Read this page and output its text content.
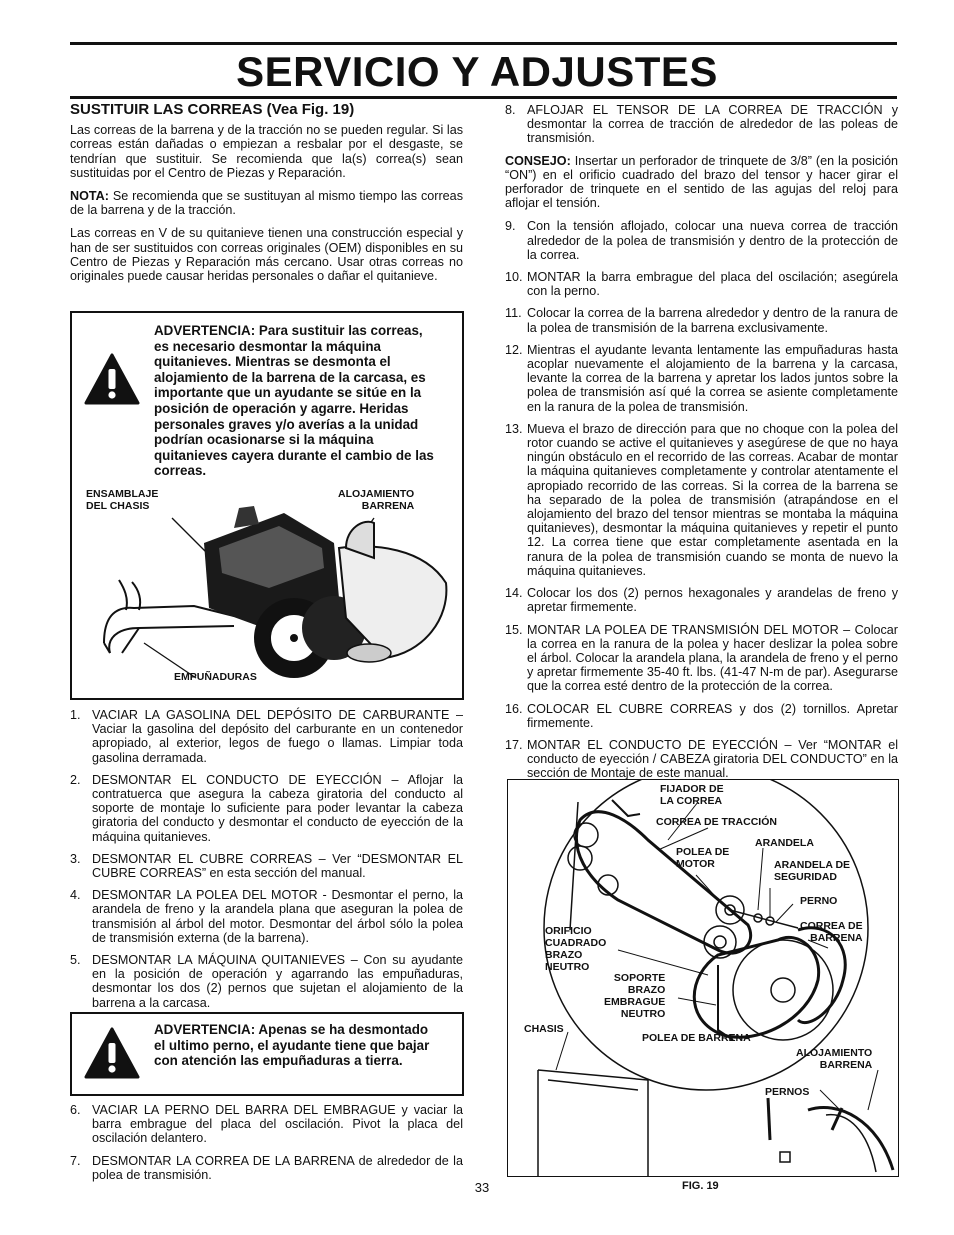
SERVICIO Y ADJUSTES
SUSTITUIR LAS CORREAS (Vea Fig. 19)

Las correas de la barrena y de la tracción no se pueden regular. Si las correas están dañadas o empiezan a resbalar por el desgaste, se tendrían que sustituir. Se recomienda que la(s) correa(s) sean sustituidas por el Centro de Piezas y Reparación.

NOTA: Se recomienda que se sustituyan al mismo tiempo las correas de la barrena y de la tracción.

Las correas en V de su quitanieve tienen una construcción especial y han de ser sustituidos con correas originales (OEM) disponibles en su Centro de Piezas y Reparación más cercano. Usar otras correas no originales puede causar heridas personales o dañar el quitanieve.

ADVERTENCIA: Para sustituir las correas, es necesario desmontar la máquina quitanieves. Mientras se desmonta el alojamiento de la barrena de la carcasa, es importante que un ayudante se sitúe en la posición de operación y agarre. Heridas personales graves y/o averías a la unidad podrían ocasionarse si la máquina quitanieves cayera durante el cambio de las correas.
ENSAMBLAJE
DEL CHASIS
ALOJAMIENTO
BARRENA
EMPUÑADURAS
1. VACIAR LA GASOLINA DEL DEPÓSITO DE CARBURANTE – Vaciar la gasolina del depósito del carburante en un contenedor apropiado, al exterior, legos de fuego o llamas. Limpiar toda gasolina derramada.
2. DESMONTAR EL CONDUCTO DE EYECCIÓN – Aflojar la contratuerca que asegura la cabeza giratoria del conducto al soporte de montaje lo suficiente para poder levantar la cabeza giratoria del conducto y desmontar el conducto de eyección de la máquina quitanieves.
3. DESMONTAR EL CUBRE CORREAS – Ver “DESMONTAR EL CUBRE CORREAS” en esta sección del manual.
4. DESMONTAR LA POLEA DEL MOTOR - Desmontar el perno, la arandela de freno y la arandela plana que aseguran la polea de transmisión al árbol del motor. Desmontar del árbol sólo la polea de transmisión externa (de la barrena).
5. DESMONTAR LA MÁQUINA QUITANIEVES – Con su ayudante en la posición de operación y agarrando las empuñaduras, desmontar los dos (2) pernos que sujetan el alojamiento de la barrena a la carcasa.
ADVERTENCIA: Apenas se ha desmontado el ultimo perno, el ayudante tiene que bajar con atención las empuñaduras a tierra.
6. VACIAR LA PERNO DEL BARRA DEL EMBRAGUE y vaciar la barra embrague del placa del oscilación. Pivot la placa del oscilación delantero.
7. DESMONTAR LA CORREA DE LA BARRENA de alrededor de la polea de transmisión.
33
8. AFLOJAR EL TENSOR DE LA CORREA DE TRACCIÓN y desmontar la correa de tracción de alrededor de las poleas de transmisión.

CONSEJO: Insertar un perforador de trinquete de 3/8” (en la posición “ON”) en el orificio cuadrado del brazo del tensor y hacer girar el perforador de trinquete en el sentido de las agujas del reloj para aflojar el tensión.

9. Con la tensión aflojado, colocar una nueva correa de tracción alrededor de la polea de transmisión y dentro de la protección de la correa.
10. MONTAR la barra embrague del placa del oscilación; asegúrela con la perno.
11. Colocar la correa de la barrena alrededor y dentro de la ranura de la polea de transmisión de la barrena exclusivamente.
12. Mientras el ayudante levanta lentamente las empuñaduras hasta acoplar nuevamente el alojamiento de la barrena y la carcasa, levante la correa de la barrena y apretar los lados juntos sobre la polea de transmisión así qué la correa se asiente completamente en la ranura de la polea de transmisión.
13. Mueva el brazo de dirección para que no choque con la polea del rotor cuando se active el quitanieves y asegúrese de que no haya ningún obstáculo en el recorrido de las correas. Acabar de montar la máquina quitanieves completamente y controlar atentamente el apropiado recorrido de las correas. Si la correa de la barrena se ha separado de la polea de transmisión (atrapándose en el alojamiento del brazo del tensor mientras se montaba la máquina quitanieves), desmontar la máquina quitanieves y repetir el punto 12. La correa tiene que estar completamente asentada en la ranura de la polea de transmisión cuando se monta de nuevo la máquina quitanieves.
14. Colocar los dos (2) pernos hexagonales y arandelas de freno y apretar firmemente.
15. MONTAR LA POLEA DE TRANSMISIÓN DEL MOTOR – Colocar la correa en la ranura de la polea y hacer deslizar la polea sobre el árbol. Colocar la arandela plana, la arandela de freno y el perno y apretar firmemente 35-40 ft. lbs. (41-47 N-m de par). Asegurarse que la correa esté dentro de la protección de la correa.
16. COLOCAR EL CUBRE CORREAS y dos (2) tornillos. Apretar firmemente.
17. MONTAR EL CONDUCTO DE EYECCIÓN – Ver “MONTAR el conducto de eyección / CABEZA giratoria DEL CONDUCTO” en la sección de Montaje de este manual.
FIJADOR DE
LA CORREA
CORREA DE TRACCIÓN
ARANDELA
POLEA DE
MOTOR	ARANDELA DE
SEGURIDAD
PERNO
CORREA DE
BARRENA
ORIFICIO
CUADRADO
BRAZO
NEUTRO
SOPORTE
BRAZO
EMBRAGUE
NEUTRO
CHASIS
POLEA DE BARRENA
ALOJAMIENTO
BARRENA
PERNOS
FIG. 19
